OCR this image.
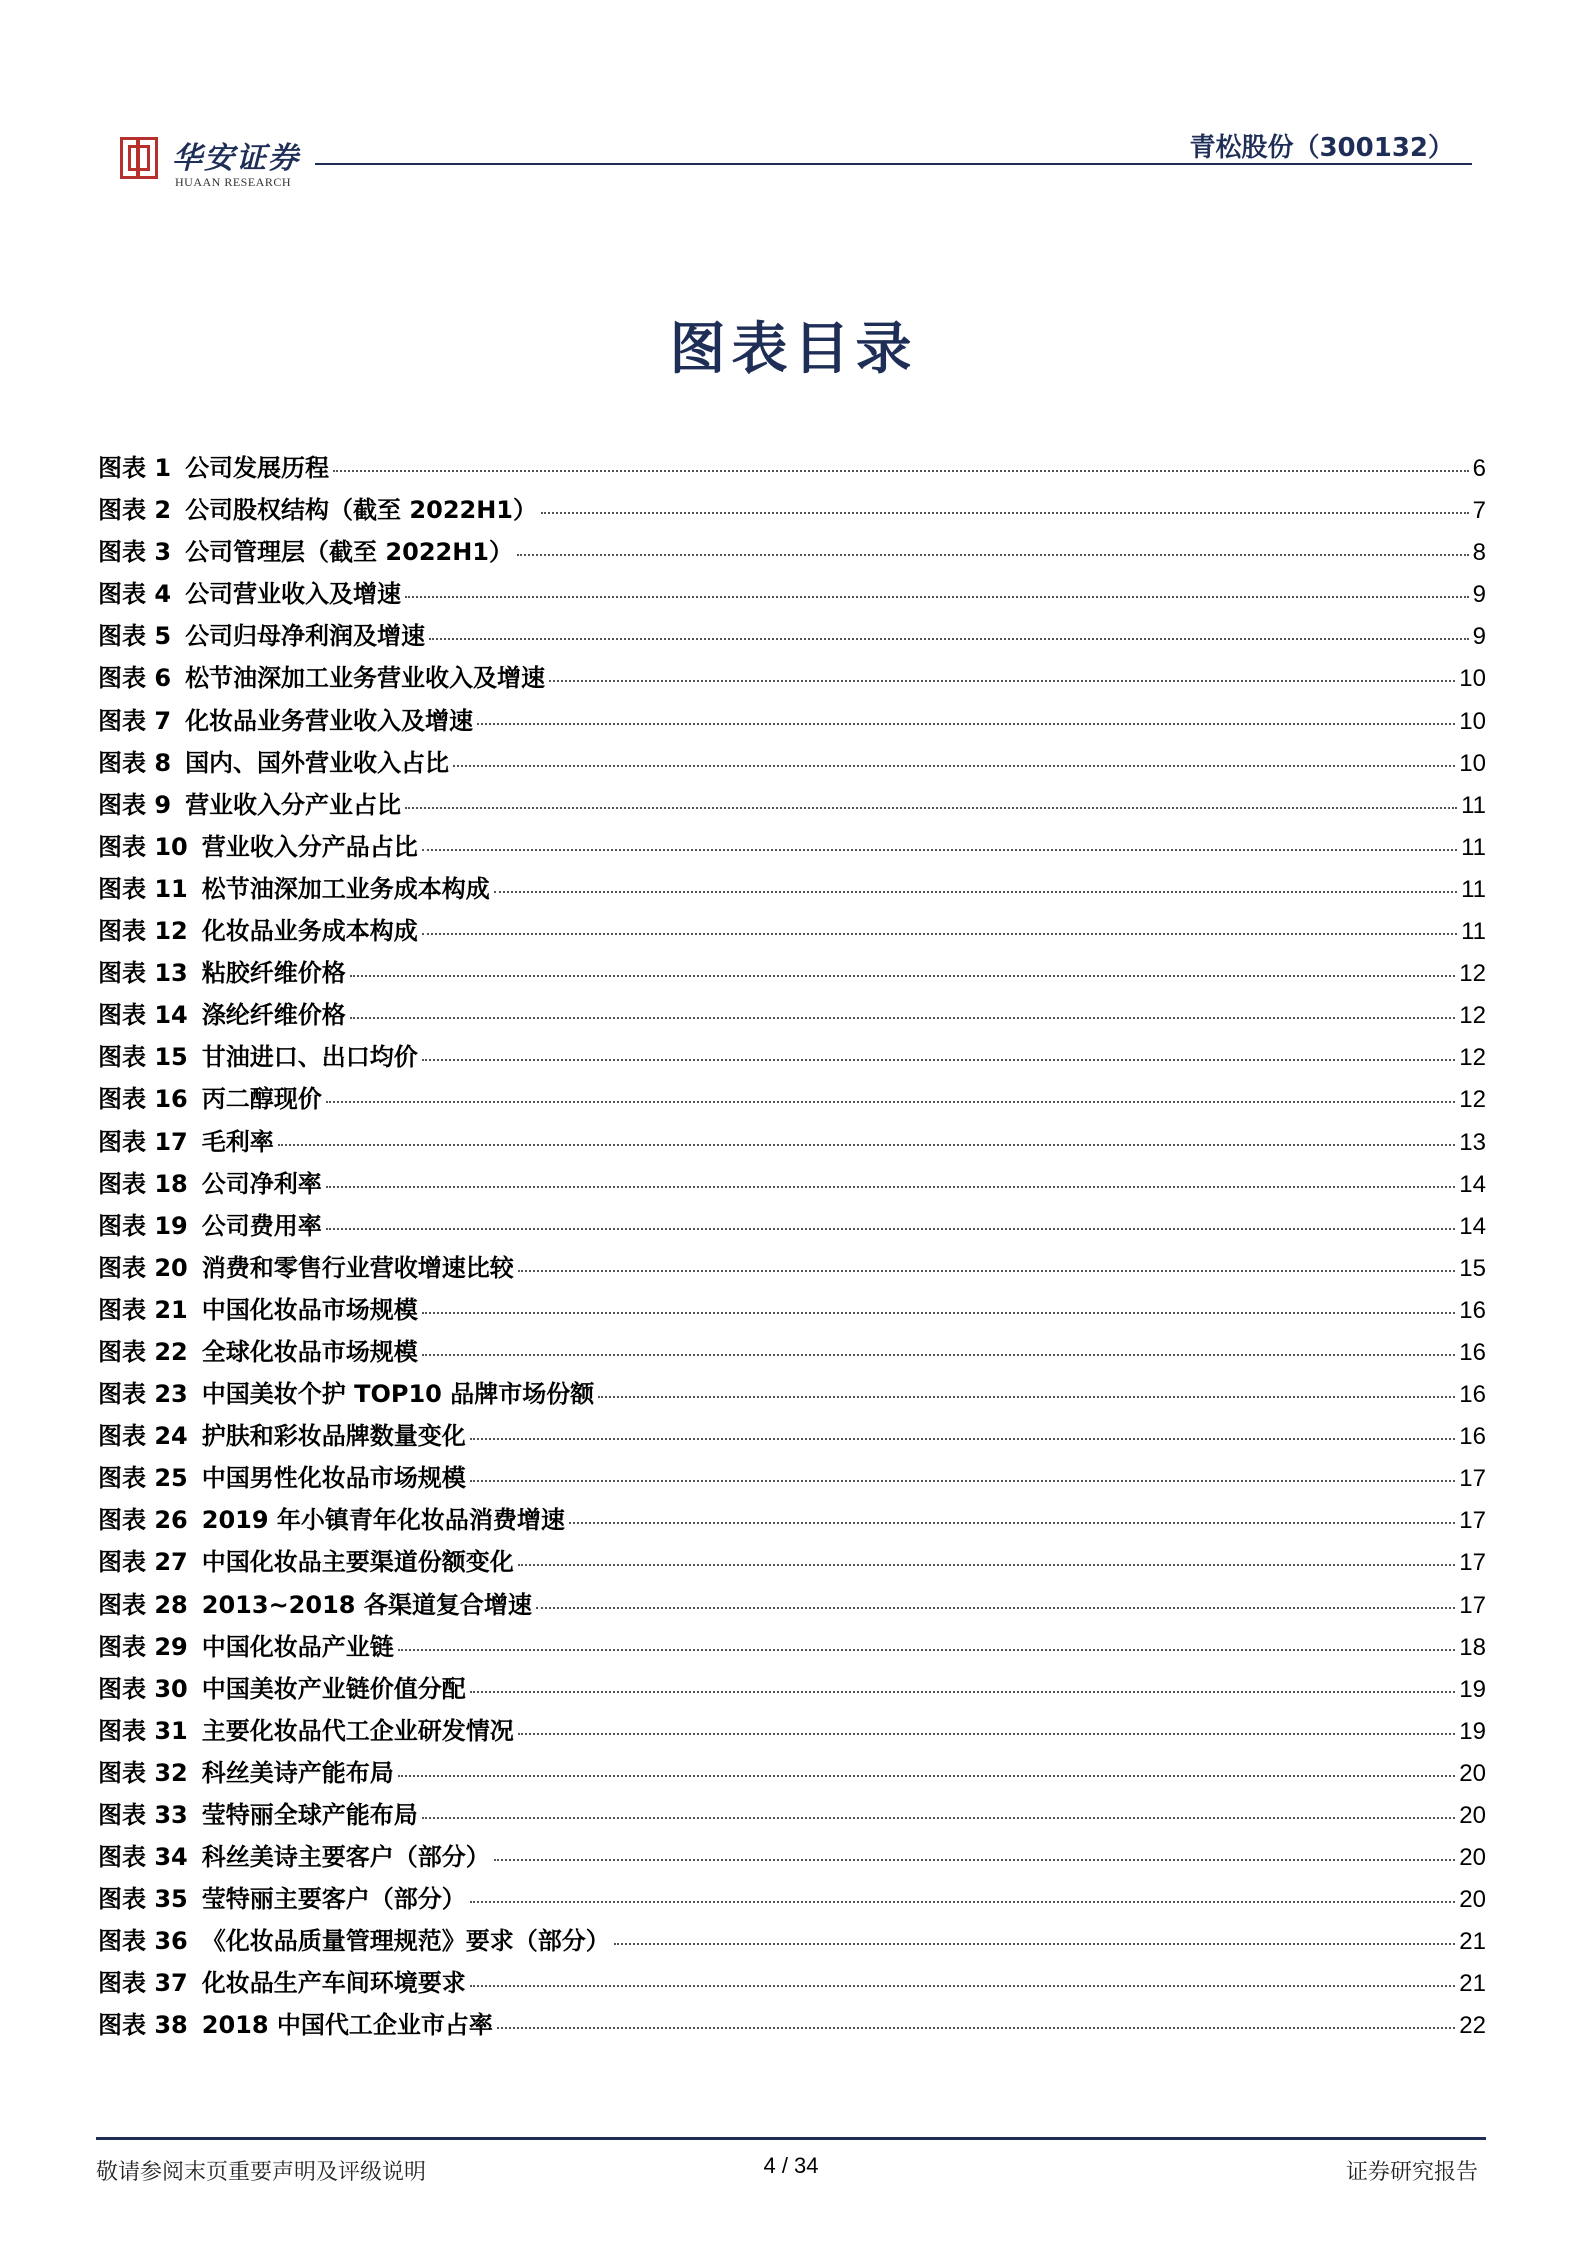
华安证券
HUAAN RESEARCH
青松股份（300132）
图表目录
图表 1 公司发展历程	6
图表 2 公司股权结构（截至 2022H1）	7
图表 3 公司管理层（截至 2022H1）	8
图表 4 公司营业收入及增速	9
图表 5 公司归母净利润及增速	9
图表 6 松节油深加工业务营业收入及增速	10
图表 7 化妆品业务营业收入及增速	10
图表 8 国内、国外营业收入占比	10
图表 9 营业收入分产业占比	11
图表 10 营业收入分产品占比	11
图表 11 松节油深加工业务成本构成	11
图表 12 化妆品业务成本构成	11
图表 13 粘胶纤维价格	12
图表 14 涤纶纤维价格	12
图表 15 甘油进口、出口均价	12
图表 16 丙二醇现价	12
图表 17 毛利率	13
图表 18 公司净利率	14
图表 19 公司费用率	14
图表 20 消费和零售行业营收增速比较	15
图表 21 中国化妆品市场规模	16
图表 22 全球化妆品市场规模	16
图表 23 中国美妆个护 TOP10 品牌市场份额	16
图表 24 护肤和彩妆品牌数量变化	16
图表 25 中国男性化妆品市场规模	17
图表 26 2019 年小镇青年化妆品消费增速	17
图表 27 中国化妆品主要渠道份额变化	17
图表 28 2013~2018 各渠道复合增速	17
图表 29 中国化妆品产业链	18
图表 30 中国美妆产业链价值分配	19
图表 31 主要化妆品代工企业研发情况	19
图表 32 科丝美诗产能布局	20
图表 33 莹特丽全球产能布局	20
图表 34 科丝美诗主要客户（部分）	20
图表 35 莹特丽主要客户（部分）	20
图表 36 《化妆品质量管理规范》要求（部分）	21
图表 37 化妆品生产车间环境要求	21
图表 38 2018 中国代工企业市占率	22
敬请参阅末页重要声明及评级说明	4 / 34	证券研究报告
